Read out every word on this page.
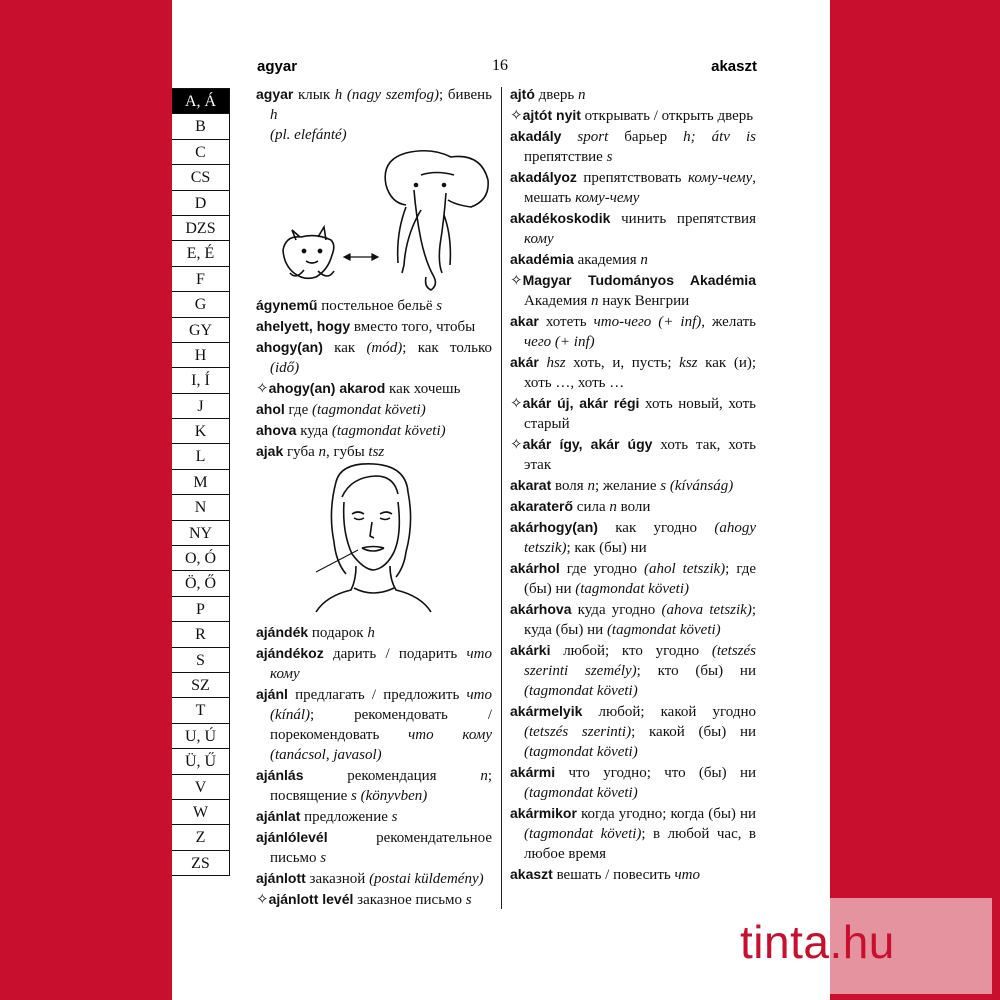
agyar	16	akaszt
A, Á
B
C
CS
D
DZS
E, É
F
G
GY
H
I, Í
J
K
L
M
N
NY
O, Ó
Ö, Ő
P
R
S
SZ
T
U, Ú
Ü, Ű
V
W
Z
ZS

agyar клык h (nagy szemfog); бивень h
(pl. elefánté)

ágynemű постельное бельё s

ahelyett, hogy вместо того, чтобы

ahogy(an) как (mód); как только (idő)

✧ahogy(an) akarod как хочешь

ahol где (tagmondat követi)

ahova куда (tagmondat követi)

ajak губа n, губы tsz

ajándék подарок h

ajándékoz дарить / подарить что кому

ajánl предлагать / предложить что (kínál); рекомендовать / порекомендовать что кому (tanácsol, javasol)

ajánlás рекомендация n; посвящение s (könyvben)

ajánlat предложение s

ajánlólevél рекомендательное письмо s

ajánlott заказной (postai küldemény)

✧ajánlott levél заказное письмо s

ajtó дверь n

✧ajtót nyit открывать / открыть дверь

akadály sport барьер h; átv is препятствие s

akadályoz препятствовать кому-чему, мешать кому-чему

akadékoskodik чинить препятствия кому

akadémia академия n

✧Magyar Tudományos Akadémia Академия n наук Венгрии

akar хотеть что-чего (+ inf), желать чего (+ inf)

akár hsz хоть, и, пусть; ksz как (и); хоть …, хоть …

✧akár új, akár régi хоть новый, хоть старый

✧akár így, akár úgy хоть так, хоть этак

akarat воля n; желание s (kívánság)

akaraterő сила n воли

akárhogy(an) как угодно (ahogy tetszik); как (бы) ни

akárhol где угодно (ahol tetszik); где (бы) ни (tagmondat követi)

akárhova куда угодно (ahova tetszik); куда (бы) ни (tagmondat követi)

akárki любой; кто угодно (tetszés szerinti személy); кто (бы) ни (tagmondat követi)

akármelyik любой; какой угодно (tetszés szerinti); какой (бы) ни (tagmondat követi)

akármi что угодно; что (бы) ни (tagmondat követi)

akármikor когда угодно; когда (бы) ни (tagmondat követi); в любой час, в любое время

akaszt вешать / повесить что

tinta.hu
